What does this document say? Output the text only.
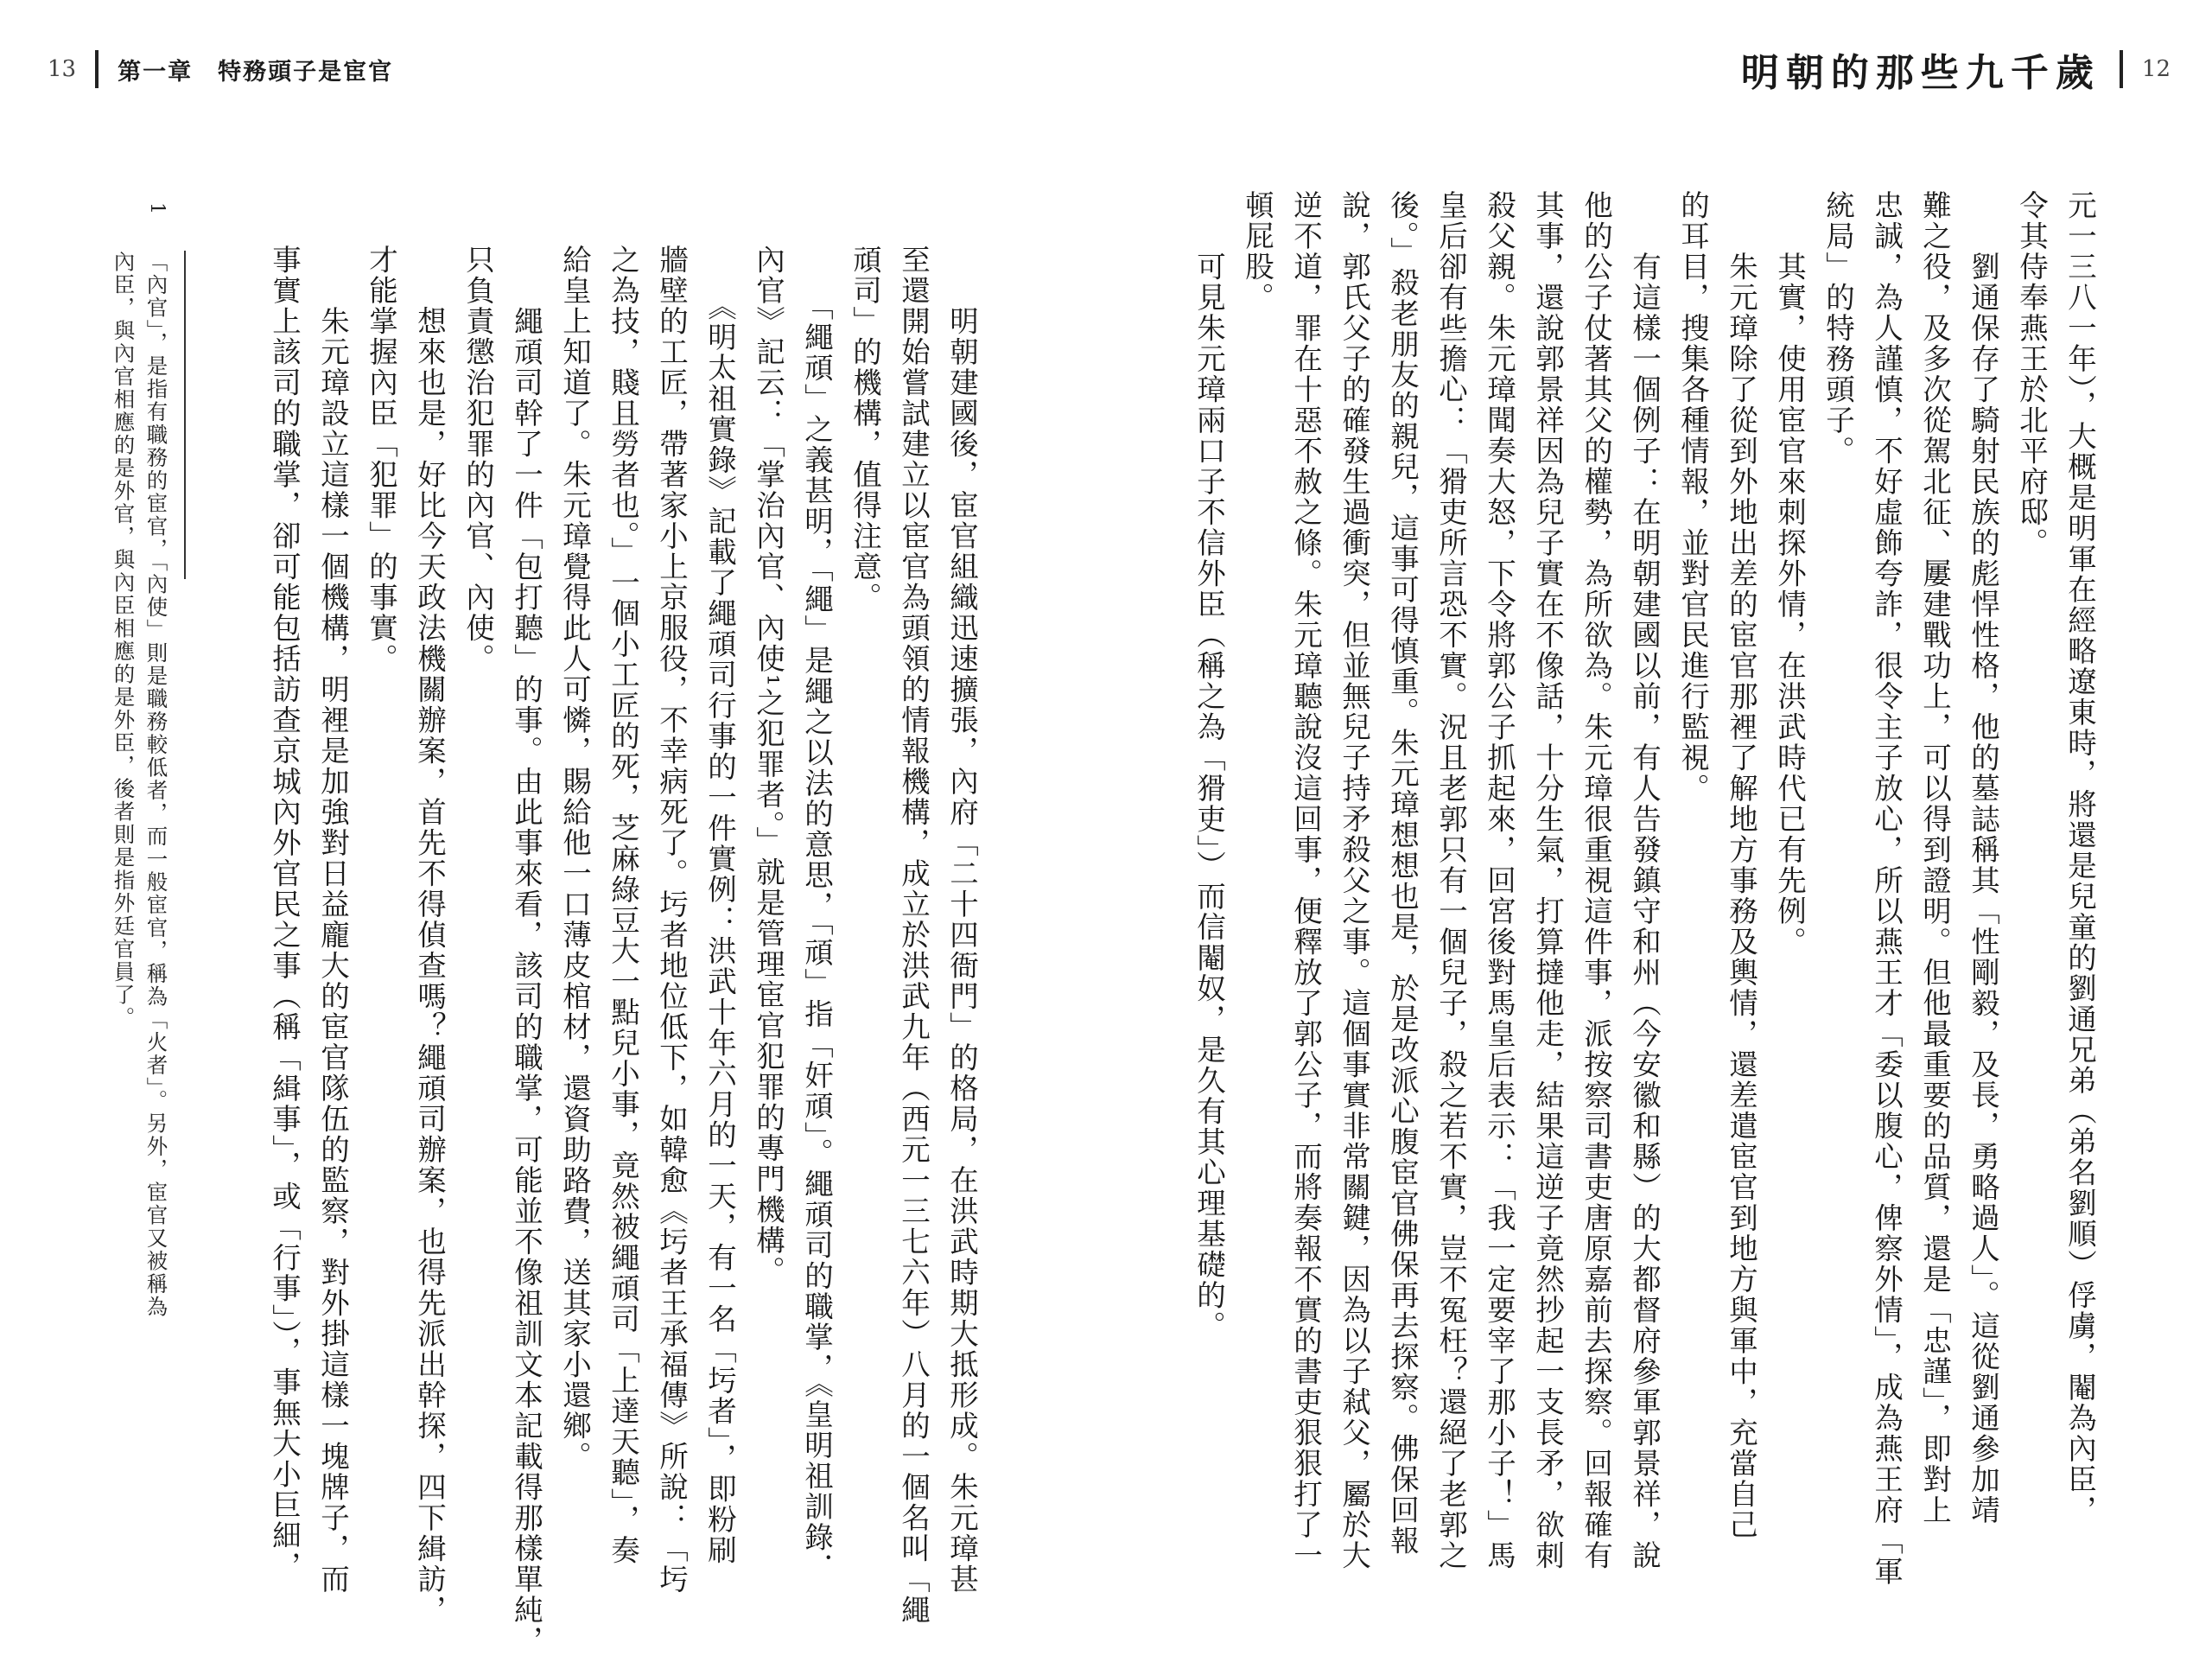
13 第一章　特務頭子是宦官
　　明朝建國後，宦官組織迅速擴張，內府「二十四衙門」的格局，在洪武時期大抵形成。朱元璋甚
至還開始嘗試建立以宦官為頭領的情報機構，成立於洪武九年（西元一三七六年）八月的一個名叫「繩
頑司」的機構，值得注意。
　　「繩頑」之義甚明，「繩」是繩之以法的意思，「頑」指「奸頑」。繩頑司的職掌，《皇明祖訓錄．
內官》記云：「掌治內官、內使¹之犯罪者。」就是管理宦官犯罪的專門機構。
　　《明太祖實錄》記載了繩頑司行事的一件實例：洪武十年六月的一天，有一名「圬者」，即粉刷
牆壁的工匠，帶著家小上京服役，不幸病死了。圬者地位低下，如韓愈《圬者王承福傳》所說：「圬
之為技，賤且勞者也。」一個小工匠的死，芝麻綠豆大一點兒小事，竟然被繩頑司「上達天聽」，奏
給皇上知道了。朱元璋覺得此人可憐，賜給他一口薄皮棺材，還資助路費，送其家小還鄉。
　　繩頑司幹了一件「包打聽」的事。由此事來看，該司的職掌，可能並不像祖訓文本記載得那樣單純，
只負責懲治犯罪的內官、內使。
　　想來也是，好比今天政法機關辦案，首先不得偵查嗎？繩頑司辦案，也得先派出幹探，四下緝訪，
才能掌握內臣「犯罪」的事實。
　　朱元璋設立這樣一個機構，明裡是加強對日益龐大的宦官隊伍的監察，對外掛這樣一塊牌子，而
事實上該司的職掌，卻可能包括訪查京城內外官民之事（稱「緝事」，或「行事」），事無大小巨細，
1
「內官」，是指有職務的宦官，「內使」則是職務較低者，而一般宦官，稱為「火者」。另外，宦官又被稱為
內臣，與內官相應的是外官，與內臣相應的是外臣，後者則是指外廷官員了。
明朝的那些九千歲 12
元一三八一年），大概是明軍在經略遼東時，將還是兒童的劉通兄弟（弟名劉順）俘虜，閹為內臣，
令其侍奉燕王於北平府邸。
　　劉通保存了騎射民族的彪悍性格，他的墓誌稱其「性剛毅，及長，勇略過人」。這從劉通參加靖
難之役，及多次從駕北征、屢建戰功上，可以得到證明。但他最重要的品質，還是「忠謹」，即對上
忠誠，為人謹慎，不好虛飾夸詐，很令主子放心，所以燕王才「委以腹心，俾察外情」，成為燕王府「軍
統局」的特務頭子。
　　其實，使用宦官來刺探外情，在洪武時代已有先例。
　　朱元璋除了從到外地出差的宦官那裡了解地方事務及輿情，還差遣宦官到地方與軍中，充當自己
的耳目，搜集各種情報，並對官民進行監視。
　　有這樣一個例子：在明朝建國以前，有人告發鎮守和州（今安徽和縣）的大都督府參軍郭景祥，說
他的公子仗著其父的權勢，為所欲為。朱元璋很重視這件事，派按察司書吏唐原嘉前去探察。回報確有
其事，還說郭景祥因為兒子實在不像話，十分生氣，打算撻他走，結果這逆子竟然抄起一支長矛，欲刺
殺父親。朱元璋聞奏大怒，下令將郭公子抓起來，回宮後對馬皇后表示：「我一定要宰了那小子！」馬
皇后卻有些擔心：「猾吏所言恐不實。況且老郭只有一個兒子，殺之若不實，豈不冤枉？還絕了老郭之
後。」殺老朋友的親兒，這事可得慎重。朱元璋想想也是，於是改派心腹宦官佛保再去探察。佛保回報
說，郭氏父子的確發生過衝突，但並無兒子持矛殺父之事。這個事實非常關鍵，因為以子弒父，屬於大
逆不道，罪在十惡不赦之條。朱元璋聽說沒這回事，便釋放了郭公子，而將奏報不實的書吏狠狠打了一
頓屁股。
　　可見朱元璋兩口子不信外臣（稱之為「猾吏」）而信閹奴，是久有其心理基礎的。
